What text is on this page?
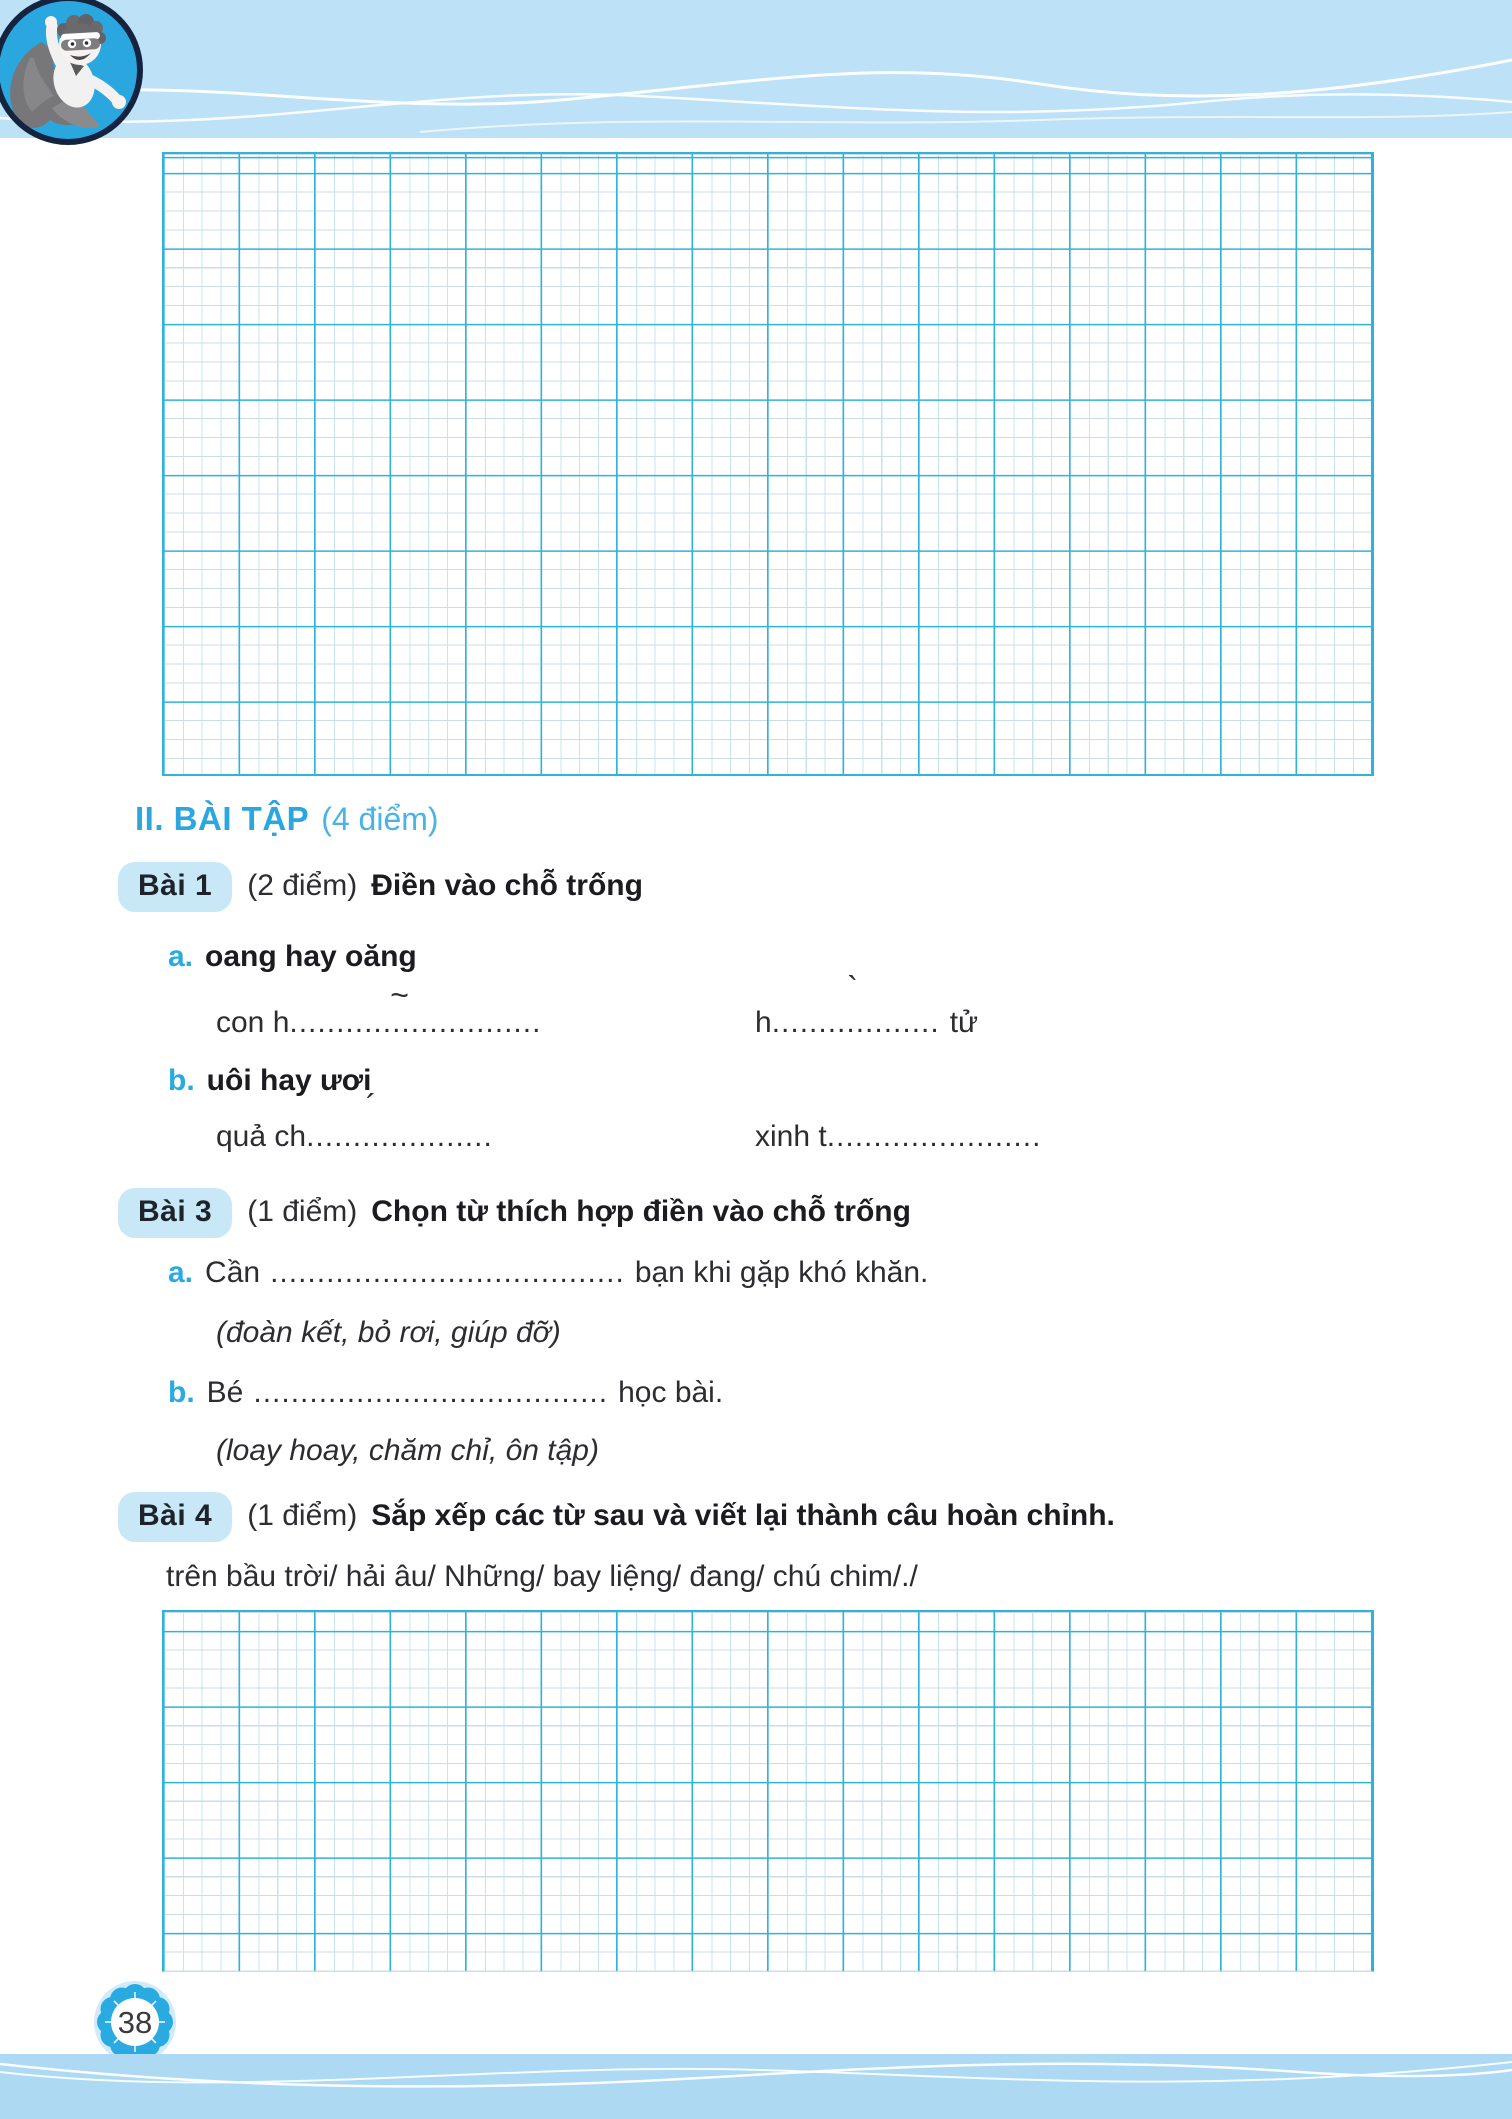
II. BÀI TẬP (4 điểm)
Bài 1	(2 điểm) Điền vào chỗ trống
a. oang hay oăng
con h
~
...........................	h
`
.................. tử
b. uôi hay ươi
quả ch
´
....................	xinh t .......................
Bài 3	(1 điểm) Chọn từ thích hợp điền vào chỗ trống
a. Cần ...................................... bạn khi gặp khó khăn.
(đoàn kết, bỏ rơi, giúp đỡ)
b. Bé ...................................... học bài.
(loay hoay, chăm chỉ, ôn tập)
Bài 4	(1 điểm) Sắp xếp các từ sau và viết lại thành câu hoàn chỉnh.
trên bầu trời/ hải âu/ Những/ bay liệng/ đang/ chú chim/./
38
